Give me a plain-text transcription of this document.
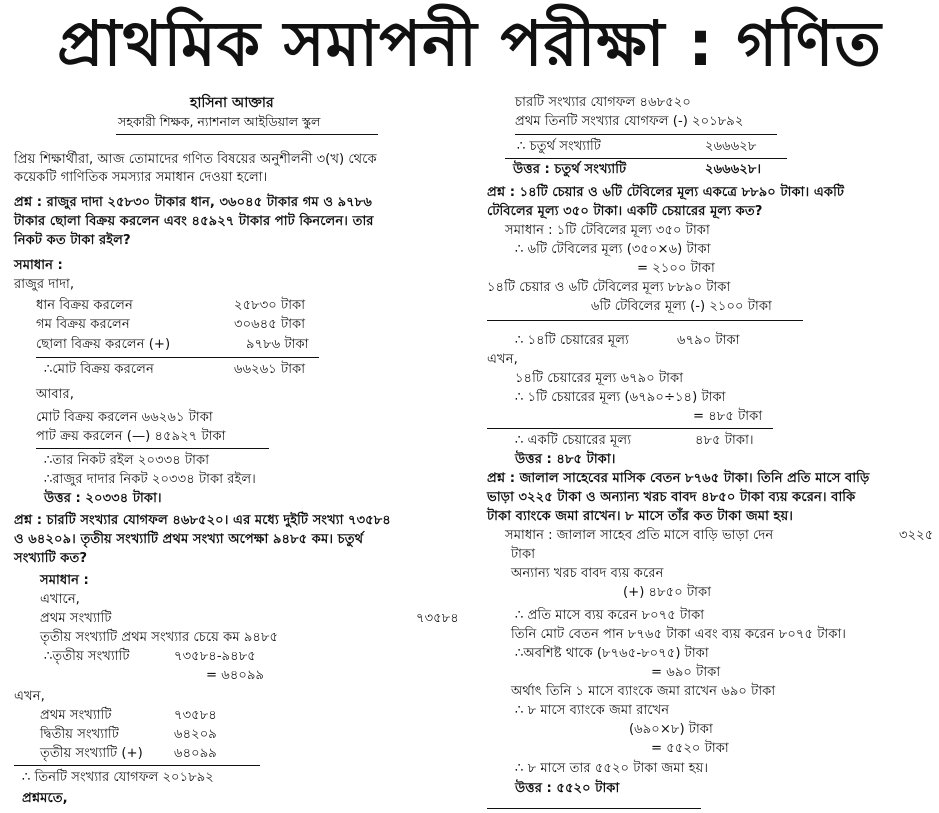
প্রাথমিক সমাপনী পরীক্ষা : গণিত
হাসিনা আক্তার
সহকারী শিক্ষক, ন্যাশনাল আইডিয়াল স্কুল
প্রিয় শিক্ষার্থীরা, আজ তোমাদের গণিত বিষয়ের অনুশীলনী ৩(খ) থেকে
কয়েকটি গাণিতিক সমস্যার সমাধান দেওয়া হলো।
প্রশ্ন : রাজুর দাদা ২৫৮৩০ টাকার ধান, ৩৬০৪৫ টাকার গম ও ৯৭৮৬
টাকার ছোলা বিক্রয় করলেন এবং ৪৫৯২৭ টাকার পাট কিনলেন। তার
নিকট কত টাকা রইল?
সমাধান :
রাজুর দাদা,
ধান বিক্রয় করলেন	২৫৮৩০ টাকা
গম বিক্রয় করলেন	৩০৬৪৫ টাকা
ছোলা বিক্রয় করলেন (+)	৯৭৮৬ টাকা
∴মোট বিক্রয় করলেন	৬৬২৬১ টাকা
আবার,
মোট বিক্রয় করলেন ৬৬২৬১ টাকা
পাট ক্রয় করলেন (—) ৪৫৯২৭ টাকা
∴তার নিকট রইল ২০৩৩৪ টাকা
∴রাজুর দাদার নিকট ২০৩৩৪ টাকা রইল।
উত্তর : ২০৩৩৪ টাকা।
প্রশ্ন : চারটি সংখ্যার যোগফল ৪৬৮৫২০। এর মধ্যে দুইটি সংখ্যা ৭৩৫৮৪
ও ৬৪২০৯। তৃতীয় সংখ্যাটি প্রথম সংখ্যা অপেক্ষা ৯৪৮৫ কম। চতুর্থ
সংখ্যাটি কত?
সমাধান :
এখানে,
প্রথম সংখ্যাটি	৭৩৫৮৪
তৃতীয় সংখ্যাটি প্রথম সংখ্যার চেয়ে কম ৯৪৮৫
∴তৃতীয় সংখ্যাটি	৭৩৫৮৪-৯৪৮৫
= ৬৪০৯৯
এখন,
প্রথম সংখ্যাটি	৭৩৫৮৪
দ্বিতীয় সংখ্যাটি	৬৪২০৯
তৃতীয় সংখ্যাটি (+) ৬৪০৯৯
∴ তিনটি সংখ্যার যোগফল ২০১৮৯২
প্রশ্নমতে,
চারটি সংখ্যার যোগফল ৪৬৮৫২০
প্রথম তিনটি সংখ্যার যোগফল (-) ২০১৮৯২
∴ চতুর্থ সংখ্যাটি	২৬৬৬২৮
উত্তর : চতুর্থ সংখ্যাটি	২৬৬৬২৮।
প্রশ্ন : ১৪টি চেয়ার ও ৬টি টেবিলের মূল্য একত্রে ৮৮৯০ টাকা। একটি
টেবিলের মূল্য ৩৫০ টাকা। একটি চেয়ারের মূল্য কত?
সমাধান : ১টি টেবিলের মূল্য ৩৫০ টাকা
∴ ৬টি টেবিলের মূল্য (৩৫০×৬) টাকা
= ২১০০ টাকা
১৪টি চেয়ার ও ৬টি টেবিলের মূল্য ৮৮৯০ টাকা
৬টি টেবিলের মূল্য (-) ২১০০ টাকা
∴ ১৪টি চেয়ারের মূল্য	৬৭৯০ টাকা
এখন,
১৪টি চেয়ারের মূল্য ৬৭৯০ টাকা
∴ ১টি চেয়ারের মূল্য (৬৭৯০÷১৪) টাকা
= ৪৮৫ টাকা
∴ একটি চেয়ারের মূল্য	৪৮৫ টাকা।
উত্তর : ৪৮৫ টাকা।
প্রশ্ন : জালাল সাহেবের মাসিক বেতন ৮৭৬৫ টাকা। তিনি প্রতি মাসে বাড়ি
ভাড়া ৩২২৫ টাকা ও অন্যান্য খরচ বাবদ ৪৮৫০ টাকা ব্যয় করেন। বাকি
টাকা ব্যাংকে জমা রাখেন। ৮ মাসে তাঁর কত টাকা জমা হয়।
সমাধান : জালাল সাহেব প্রতি মাসে বাড়ি ভাড়া দেন	৩২২৫
টাকা
অন্যান্য খরচ বাবদ ব্যয় করেন
(+) ৪৮৫০ টাকা
∴ প্রতি মাসে ব্যয় করেন ৮০৭৫ টাকা
তিনি মোট বেতন পান ৮৭৬৫ টাকা এবং ব্যয় করেন ৮০৭৫ টাকা।
∴অবশিষ্ট থাকে (৮৭৬৫-৮০৭৫) টাকা
= ৬৯০ টাকা
অর্থাৎ তিনি ১ মাসে ব্যাংকে জমা রাখেন ৬৯০ টাকা
∴ ৮ মাসে ব্যাংকে জমা রাখেন
(৬৯০×৮) টাকা
= ৫৫২০ টাকা
∴ ৮ মাসে তার ৫৫২০ টাকা জমা হয়।
উত্তর : ৫৫২০ টাকা
